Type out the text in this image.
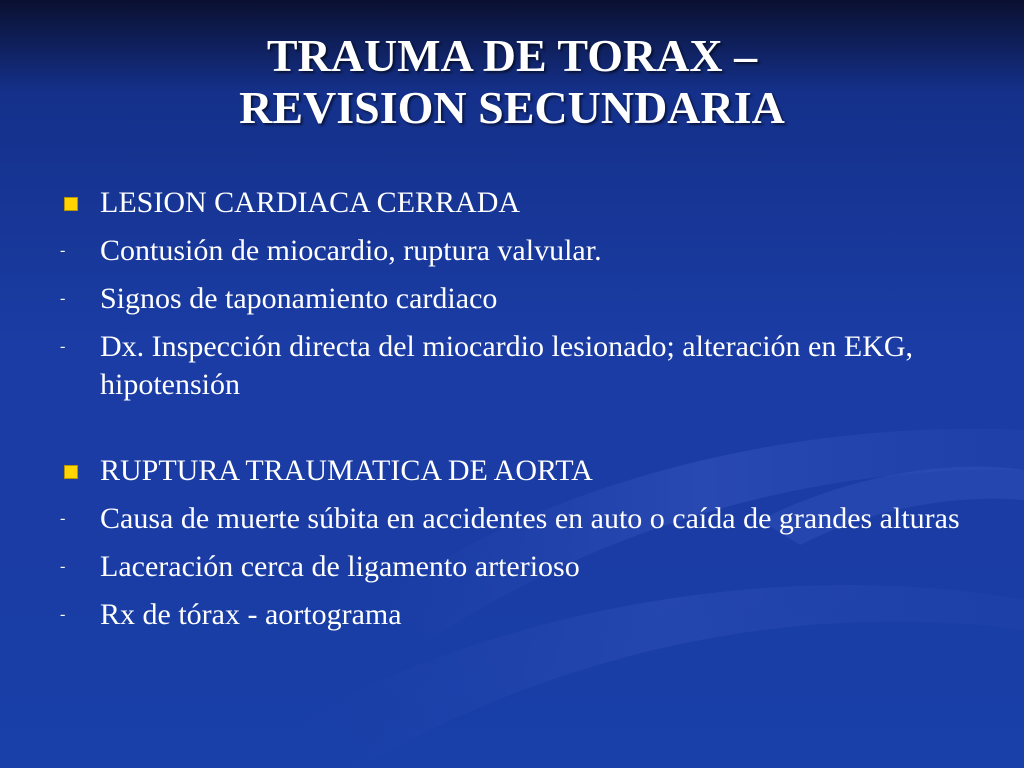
TRAUMA DE TORAX –
REVISION SECUNDARIA
LESION CARDIACA CERRADA
-	Contusión de miocardio, ruptura valvular.
-	Signos de taponamiento cardiaco
-	Dx. Inspección directa del miocardio lesionado; alteración en EKG, hipotensión
RUPTURA TRAUMATICA DE AORTA
-	Causa de muerte súbita en accidentes en auto o caída de grandes alturas
-	Laceración cerca de ligamento arterioso
-	Rx de tórax - aortograma
